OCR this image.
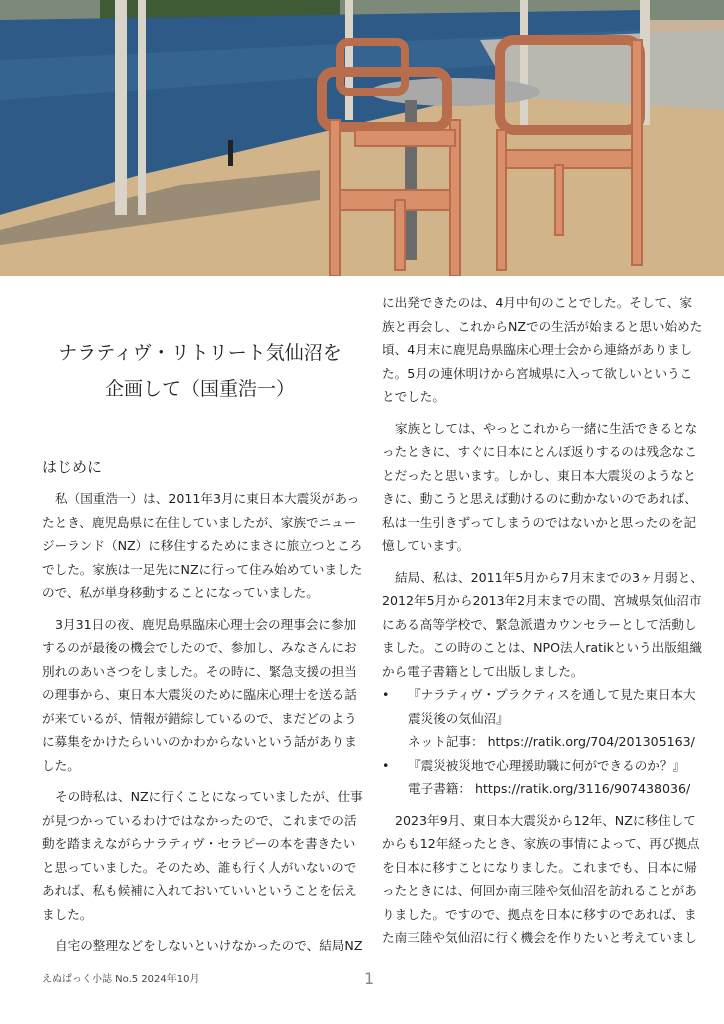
ナラティヴ・リトリート気仙沼を
企画して（国重浩一）
はじめに
私（国重浩一）は、2011年3月に東日本大震災があっ
たとき、鹿児島県に在住していましたが、家族でニュー
ジーランド（NZ）に移住するためにまさに旅立つところ
でした。家族は一足先にNZに行って住み始めていました
ので、私が単身移動することになっていました。
3月31日の夜、鹿児島県臨床心理士会の理事会に参加
するのが最後の機会でしたので、参加し、みなさんにお
別れのあいさつをしました。その時に、緊急支援の担当
の理事から、東日本大震災のために臨床心理士を送る話
が来ているが、情報が錯綜しているので、まだどのよう
に募集をかけたらいいのかわからないという話がありま
した。
その時私は、NZに行くことになっていましたが、仕事
が見つかっているわけではなかったので、これまでの活
動を踏まえながらナラティヴ・セラピーの本を書きたい
と思っていました。そのため、誰も行く人がいないので
あれば、私も候補に入れておいていいということを伝え
ました。
自宅の整理などをしないといけなかったので、結局NZ
に出発できたのは、4月中旬のことでした。そして、家
族と再会し、これからNZでの生活が始まると思い始めた
頃、4月末に鹿児島県臨床心理士会から連絡がありまし
た。5月の連休明けから宮城県に入って欲しいというこ
とでした。
家族としては、やっとこれから一緒に生活できるとな
ったときに、すぐに日本にとんぼ返りするのは残念なこ
とだったと思います。しかし、東日本大震災のようなと
きに、動こうと思えば動けるのに動かないのであれば、
私は一生引きずってしまうのではないかと思ったのを記
憶しています。
結局、私は、2011年5月から7月末までの3ヶ月弱と、
2012年5月から2013年2月末までの間、宮城県気仙沼市
にある高等学校で、緊急派遣カウンセラーとして活動し
ました。この時のことは、NPO法人ratikという出版組織
から電子書籍として出版しました。
• 『ナラティヴ・プラクティスを通して見た東日本大
震災後の気仙沼』
ネット記事： https://ratik.org/704/201305163/
• 『震災被災地で心理援助職に何ができるのか？』
電子書籍： https://ratik.org/3116/907438036/
2023年9月、東日本大震災から12年、NZに移住して
からも12年経ったとき、家族の事情によって、再び拠点
を日本に移すことになりました。これまでも、日本に帰
ったときには、何回か南三陸や気仙沼を訪れることがあ
りました。ですので、拠点を日本に移すのであれば、ま
た南三陸や気仙沼に行く機会を作りたいと考えていまし
えぬぱっく小誌 No.5 2024年10月	1
